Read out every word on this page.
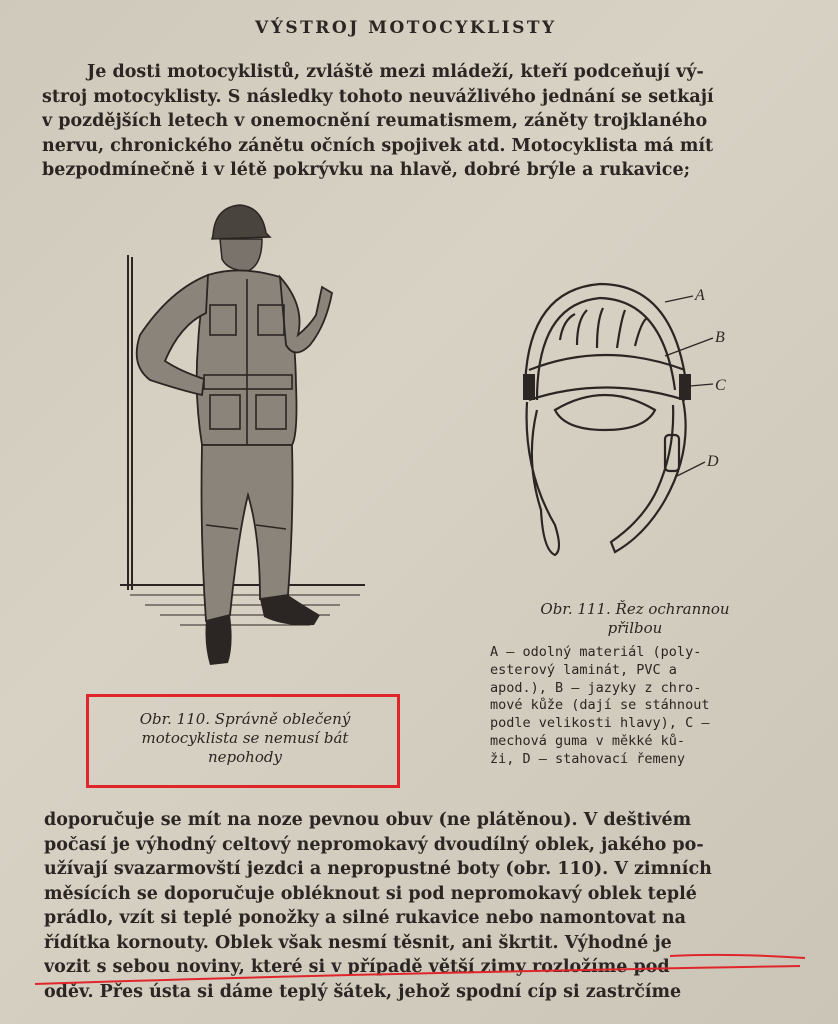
VÝSTROJ MOTOCYKLISTY
Je dosti motocyklistů, zvláště mezi mládeží, kteří podceňují vý-
stroj motocyklisty. S následky tohoto neuvážlivého jednání se setkají
v pozdějších letech v onemocnění reumatismem, záněty trojklaného
nervu, chronického zánětu očních spojivek atd. Motocyklista má mít
bezpodmínečně i v létě pokrývku na hlavě, dobré brýle a rukavice;
Obr. 110. Správně oblečený
motocyklista se nemusí bát
nepohody
A
B
C
D
Obr. 111. Řez ochrannou
přilbou
A — odolný materiál (poly-
esterový laminát, PVC a
apod.), B — jazyky z chro-
mové kůže (dají se stáhnout
podle velikosti hlavy), C —
mechová guma v měkké ků-
ži, D — stahovací řemeny
doporučuje se mít na noze pevnou obuv (ne plátěnou). V deštivém
počasí je výhodný celtový nepromokavý dvoudílný oblek, jakého po-
užívají svazarmovští jezdci a nepropustné boty (obr. 110). V zimních
měsících se doporučuje obléknout si pod nepromokavý oblek teplé
prádlo, vzít si teplé ponožky a silné rukavice nebo namontovat na
řídítka kornouty. Oblek však nesmí těsnit, ani škrtit. Výhodné je
vozit s sebou noviny, které si v případě větší zimy rozložíme pod
oděv. Přes ústa si dáme teplý šátek, jehož spodní cíp si zastrčíme
